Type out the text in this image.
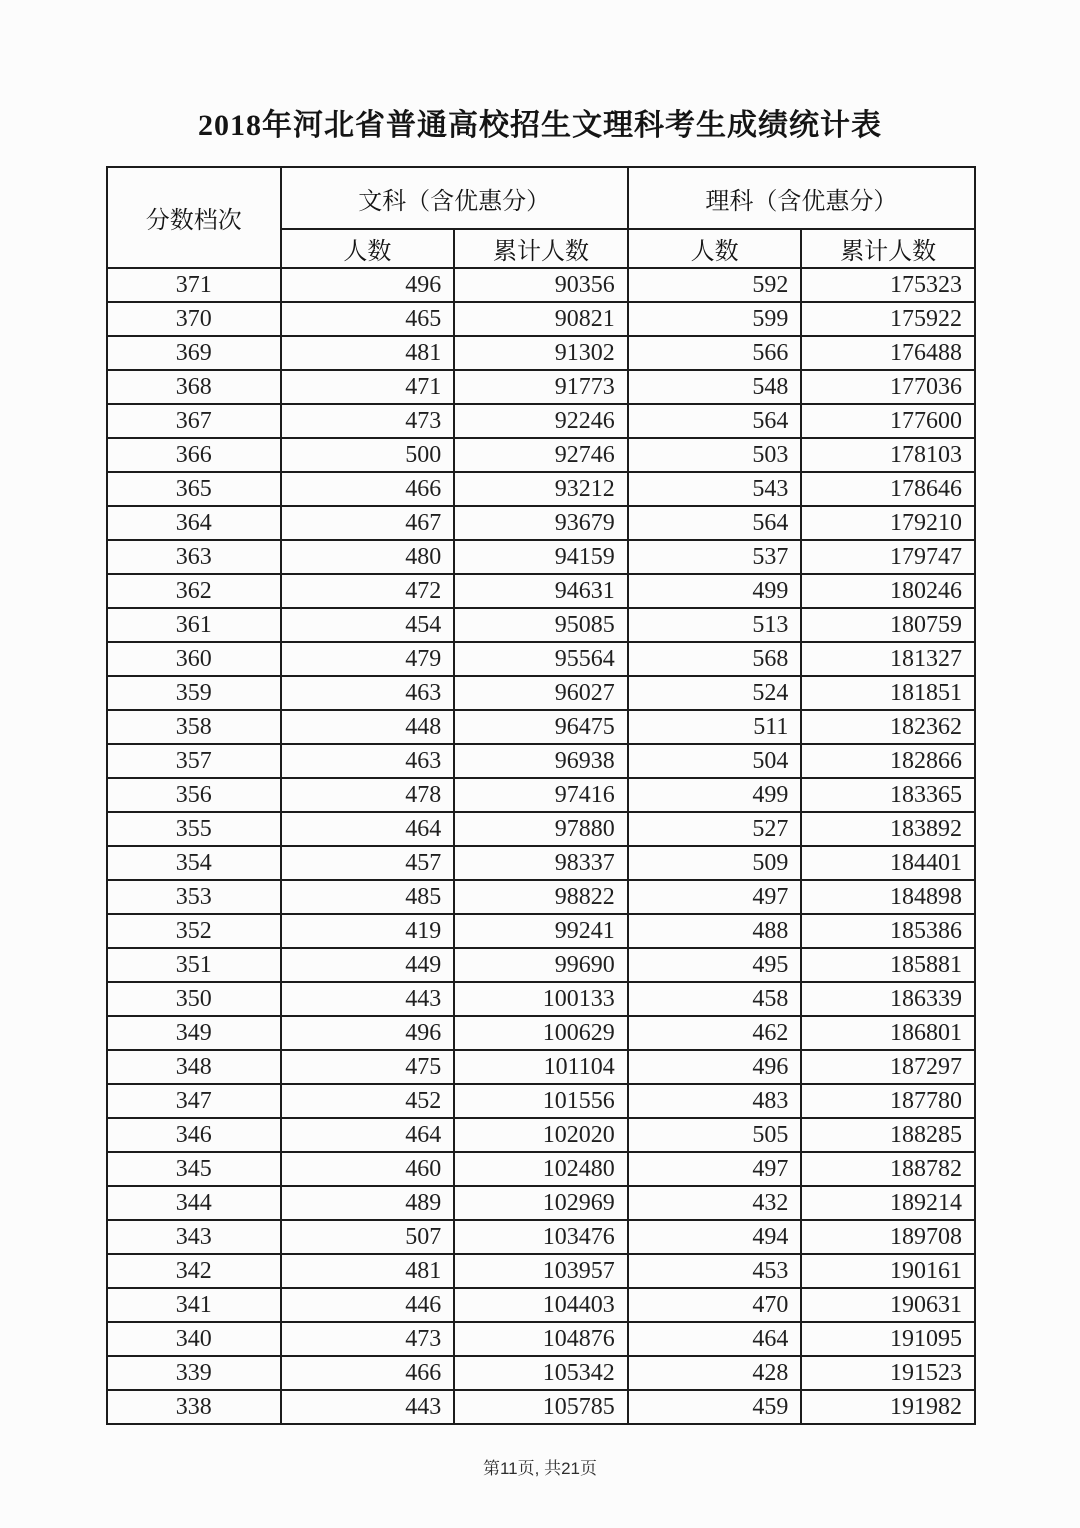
2018年河北省普通高校招生文理科考生成绩统计表
分数档次	文科（含优惠分）		理科（含优惠分）	
	人数	累计人数	人数	累计人数
371	496	90356	592	175323
370	465	90821	599	175922
369	481	91302	566	176488
368	471	91773	548	177036
367	473	92246	564	177600
366	500	92746	503	178103
365	466	93212	543	178646
364	467	93679	564	179210
363	480	94159	537	179747
362	472	94631	499	180246
361	454	95085	513	180759
360	479	95564	568	181327
359	463	96027	524	181851
358	448	96475	511	182362
357	463	96938	504	182866
356	478	97416	499	183365
355	464	97880	527	183892
354	457	98337	509	184401
353	485	98822	497	184898
352	419	99241	488	185386
351	449	99690	495	185881
350	443	100133	458	186339
349	496	100629	462	186801
348	475	101104	496	187297
347	452	101556	483	187780
346	464	102020	505	188285
345	460	102480	497	188782
344	489	102969	432	189214
343	507	103476	494	189708
342	481	103957	453	190161
341	446	104403	470	190631
340	473	104876	464	191095
339	466	105342	428	191523
338	443	105785	459	191982
第11页, 共21页
